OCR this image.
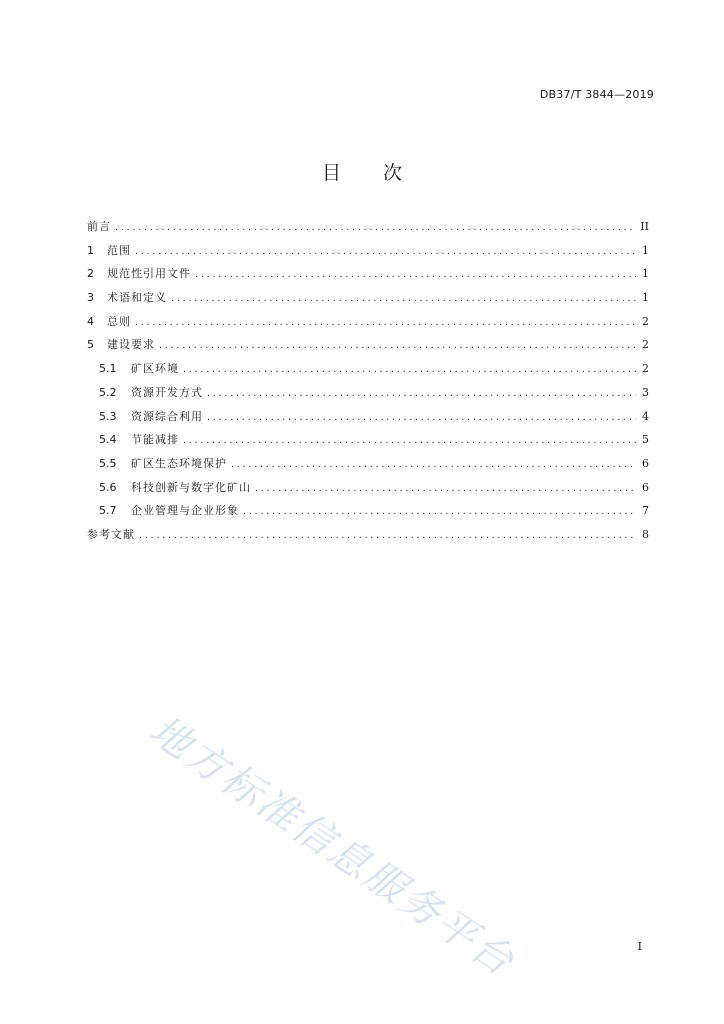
DB37/T 3844—2019
目 次
前言 .....	II
1	范围 .....	1
2	规范性引用文件 .....	1
3	术语和定义 .....	1
4	总则 .....	2
5	建设要求 .....	2
5.1	矿区环境 .....	2
5.2	资源开发方式 .....	3
5.3	资源综合利用 .....	4
5.4	节能减排 .....	5
5.5	矿区生态环境保护 .....	6
5.6	科技创新与数字化矿山 .....	6
5.7	企业管理与企业形象 .....	7
参考文献 .....	8
地方标准信息服务平台	I
